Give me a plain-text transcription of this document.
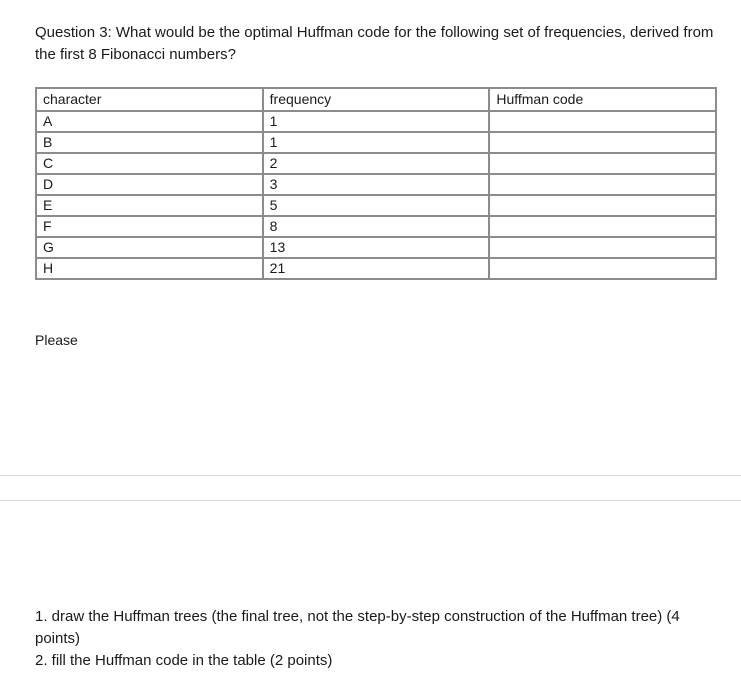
Question 3: What would be the optimal Huffman code for the following set of frequencies, derived from the first 8 Fibonacci numbers?

character	frequency	Huffman code
A	1	
B	1	
C	2	
D	3	
E	5	
F	8	
G	13	
H	21	

Please

1. draw the Huffman trees (the final tree, not the step-by-step construction of the Huffman tree) (4 points)
2. fill the Huffman code in the table (2 points)
